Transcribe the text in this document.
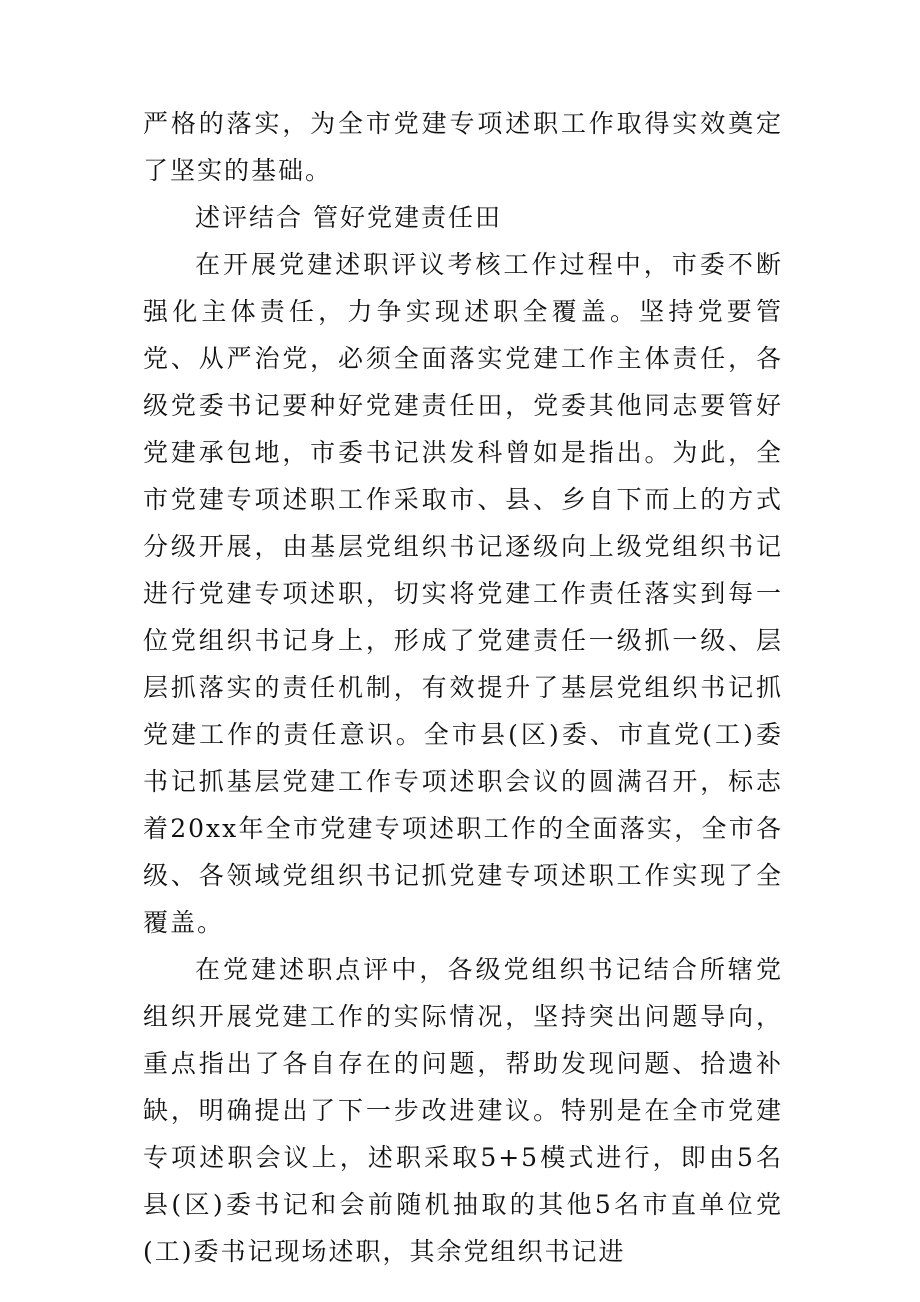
严格的落实，为全市党建专项述职工作取得实效奠定了坚实的基础。

述评结合 管好党建责任田

在开展党建述职评议考核工作过程中，市委不断强化主体责任，力争实现述职全覆盖。坚持党要管党、从严治党，必须全面落实党建工作主体责任，各级党委书记要种好党建责任田，党委其他同志要管好党建承包地，市委书记洪发科曾如是指出。为此，全市党建专项述职工作采取市、县、乡自下而上的方式分级开展，由基层党组织书记逐级向上级党组织书记进行党建专项述职，切实将党建工作责任落实到每一位党组织书记身上，形成了党建责任一级抓一级、层层抓落实的责任机制，有效提升了基层党组织书记抓党建工作的责任意识。全市县(区)委、市直党(工)委书记抓基层党建工作专项述职会议的圆满召开，标志着20xx年全市党建专项述职工作的全面落实，全市各级、各领域党组织书记抓党建专项述职工作实现了全覆盖。

在党建述职点评中，各级党组织书记结合所辖党组织开展党建工作的实际情况，坚持突出问题导向，重点指出了各自存在的问题，帮助发现问题、拾遗补缺，明确提出了下一步改进建议。特别是在全市党建专项述职会议上，述职采取5+5模式进行，即由5名县(区)委书记和会前随机抽取的其他5名市直单位党(工)委书记现场述职，其余党组织书记进
